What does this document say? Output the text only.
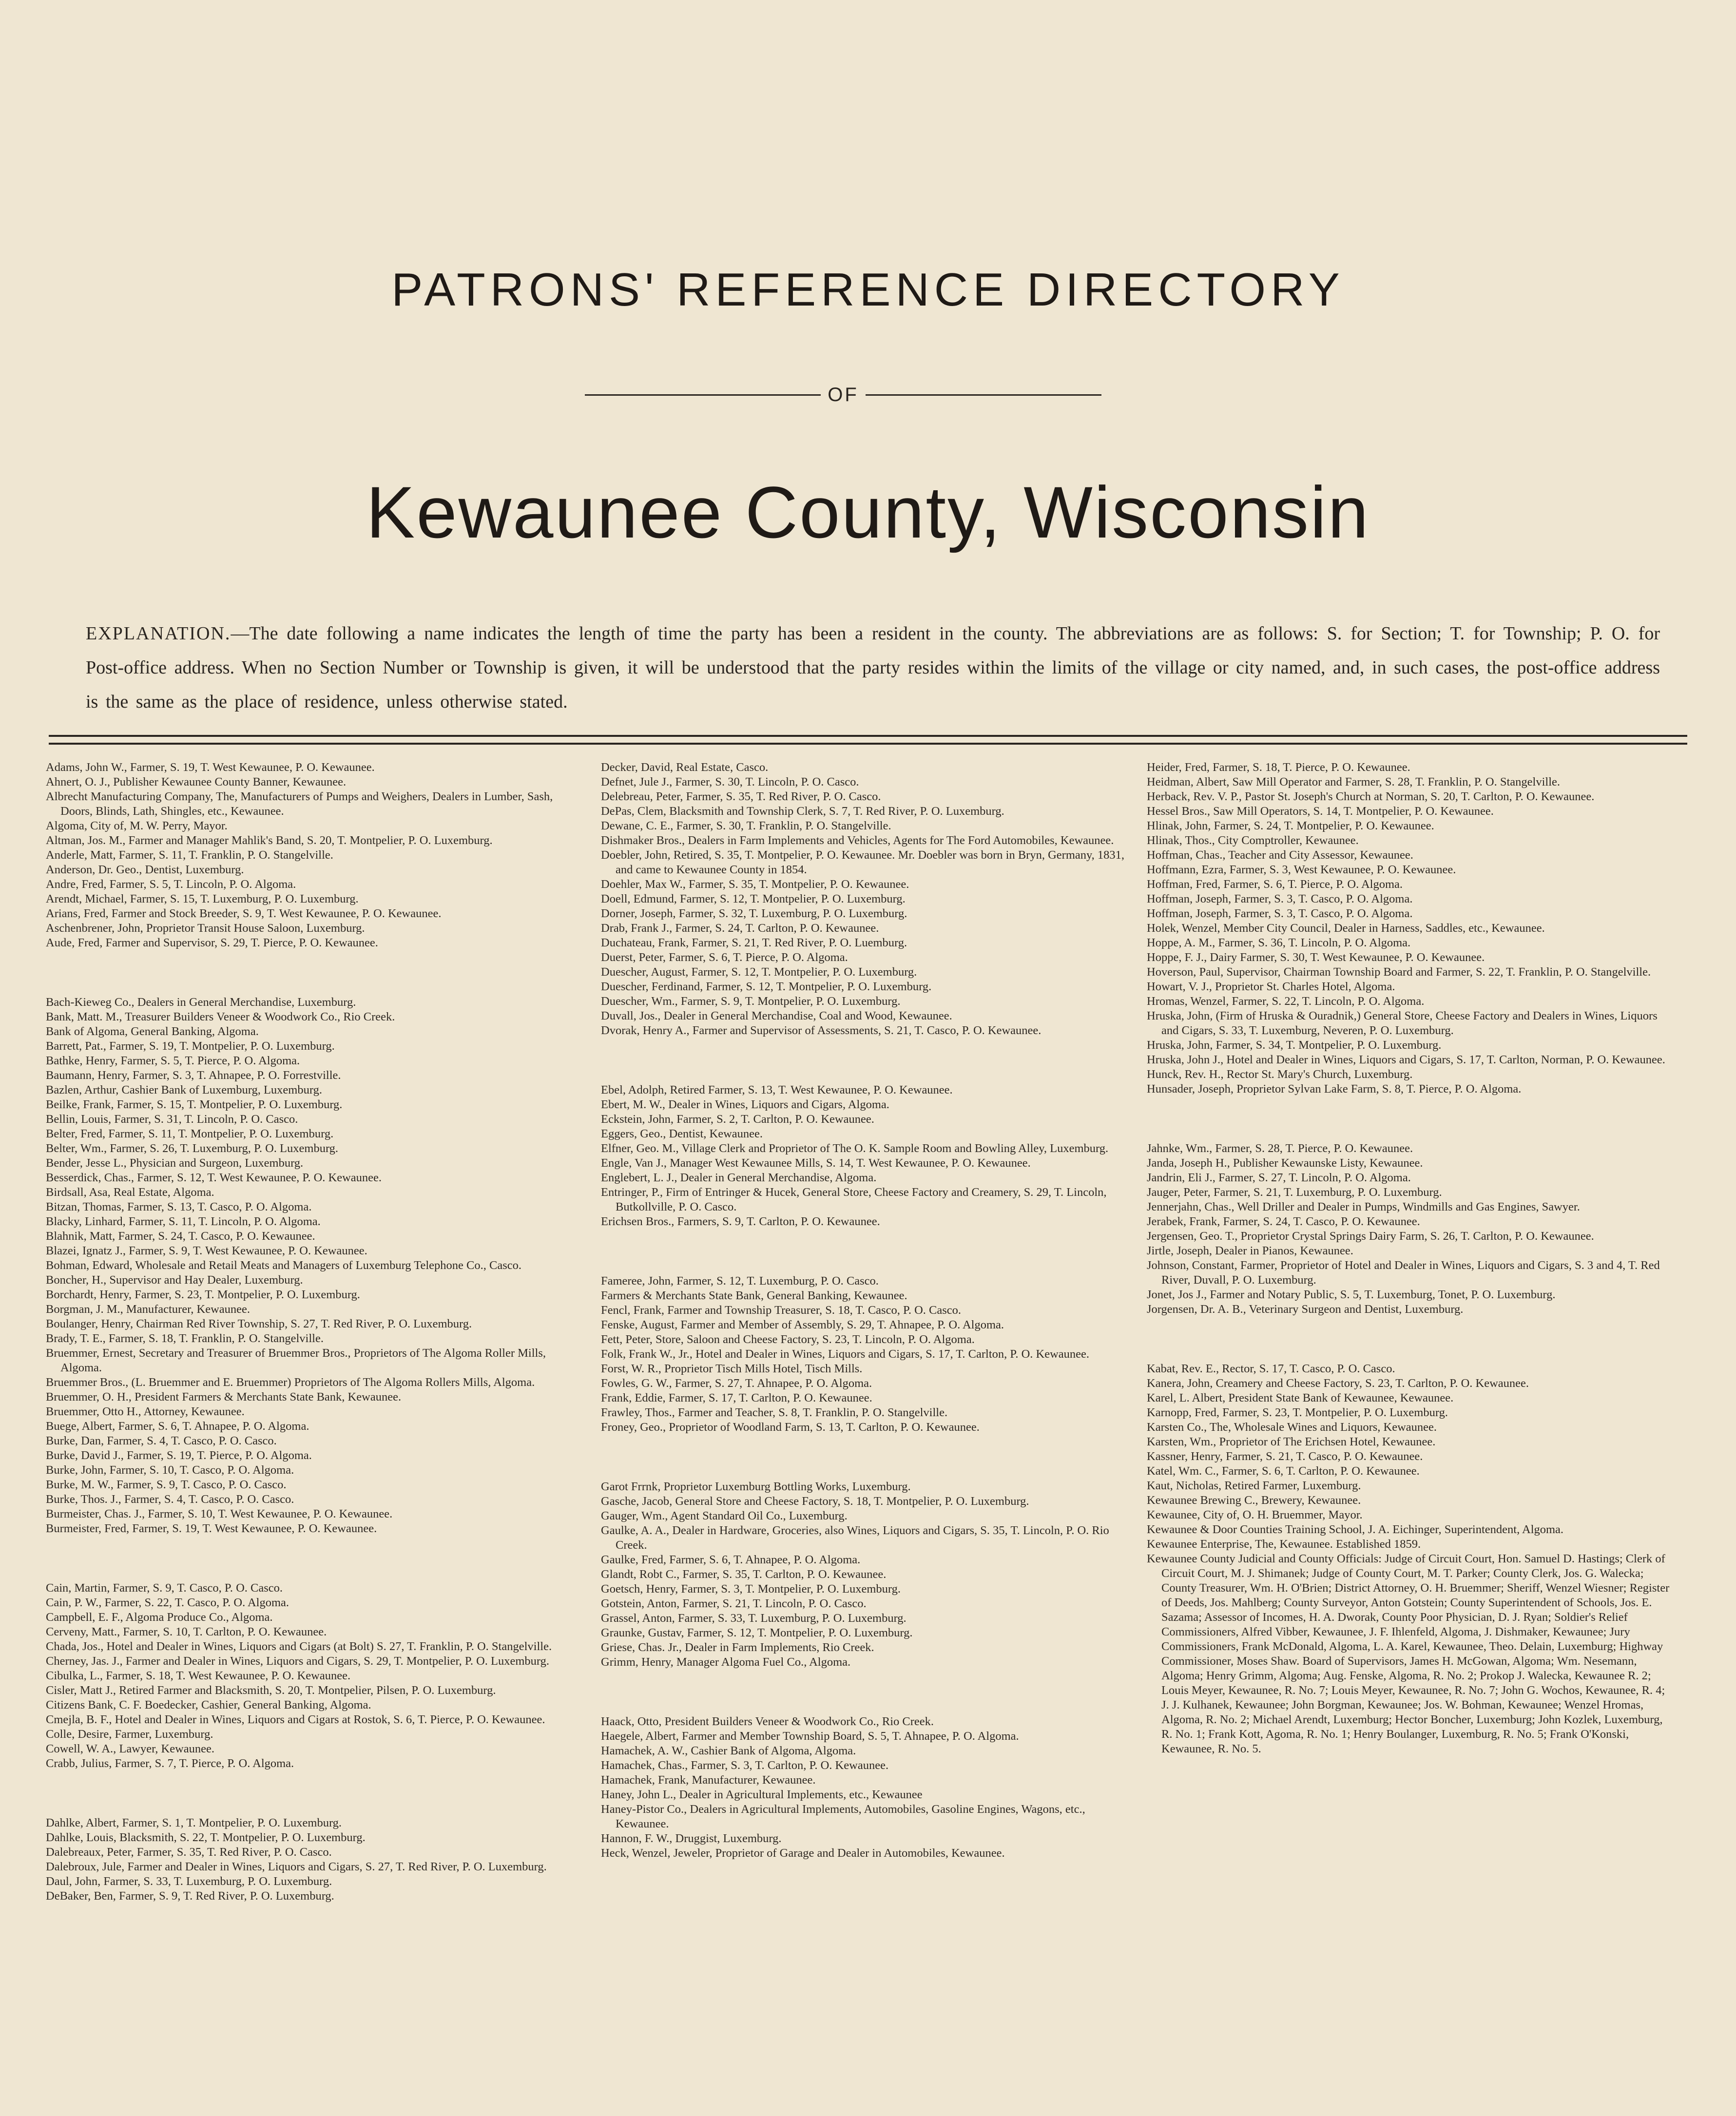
PATRONS' REFERENCE DIRECTORY
OF
Kewaunee County, Wisconsin
EXPLANATION.—The date following a name indicates the length of time the party has been a resident in the county. The abbreviations are as follows: S. for Section; T. for Township; P. O. for Post-office address. When no Section Number or Township is given, it will be understood that the party resides within the limits of the village or city named, and, in such cases, the post-office address is the same as the place of residence, unless otherwise stated.
Adams, John W., Farmer, S. 19, T. West Kewaunee, P. O. Kewaunee.
Ahnert, O. J., Publisher Kewaunee County Banner, Kewaunee.
Albrecht Manufacturing Company, The, Manufacturers of Pumps and Weighers, Dealers in Lumber, Sash, Doors, Blinds, Lath, Shingles, etc., Kewaunee.
Algoma, City of, M. W. Perry, Mayor.
Altman, Jos. M., Farmer and Manager Mahlik's Band, S. 20, T. Montpelier, P. O. Luxemburg.
Anderle, Matt, Farmer, S. 11, T. Franklin, P. O. Stangelville.
Anderson, Dr. Geo., Dentist, Luxemburg.
Andre, Fred, Farmer, S. 5, T. Lincoln, P. O. Algoma.
Arendt, Michael, Farmer, S. 15, T. Luxemburg, P. O. Luxemburg.
Arians, Fred, Farmer and Stock Breeder, S. 9, T. West Kewaunee, P. O. Kewaunee.
Aschenbrener, John, Proprietor Transit House Saloon, Luxemburg.
Aude, Fred, Farmer and Supervisor, S. 29, T. Pierce, P. O. Kewaunee.
Bach-Kieweg Co., Dealers in General Merchandise, Luxemburg.
Bank, Matt. M., Treasurer Builders Veneer & Woodwork Co., Rio Creek.
Bank of Algoma, General Banking, Algoma.
Barrett, Pat., Farmer, S. 19, T. Montpelier, P. O. Luxemburg.
Bathke, Henry, Farmer, S. 5, T. Pierce, P. O. Algoma.
Baumann, Henry, Farmer, S. 3, T. Ahnapee, P. O. Forrestville.
Bazlen, Arthur, Cashier Bank of Luxemburg, Luxemburg.
Beilke, Frank, Farmer, S. 15, T. Montpelier, P. O. Luxemburg.
Bellin, Louis, Farmer, S. 31, T. Lincoln, P. O. Casco.
Belter, Fred, Farmer, S. 11, T. Montpelier, P. O. Luxemburg.
Belter, Wm., Farmer, S. 26, T. Luxemburg, P. O. Luxemburg.
Bender, Jesse L., Physician and Surgeon, Luxemburg.
Besserdick, Chas., Farmer, S. 12, T. West Kewaunee, P. O. Kewaunee.
Birdsall, Asa, Real Estate, Algoma.
Bitzan, Thomas, Farmer, S. 13, T. Casco, P. O. Algoma.
Blacky, Linhard, Farmer, S. 11, T. Lincoln, P. O. Algoma.
Blahnik, Matt, Farmer, S. 24, T. Casco, P. O. Kewaunee.
Blazei, Ignatz J., Farmer, S. 9, T. West Kewaunee, P. O. Kewaunee.
Bohman, Edward, Wholesale and Retail Meats and Managers of Luxemburg Telephone Co., Casco.
Boncher, H., Supervisor and Hay Dealer, Luxemburg.
Borchardt, Henry, Farmer, S. 23, T. Montpelier, P. O. Luxemburg.
Borgman, J. M., Manufacturer, Kewaunee.
Boulanger, Henry, Chairman Red River Township, S. 27, T. Red River, P. O. Luxemburg.
Brady, T. E., Farmer, S. 18, T. Franklin, P. O. Stangelville.
Bruemmer, Ernest, Secretary and Treasurer of Bruemmer Bros., Proprietors of The Algoma Roller Mills, Algoma.
Bruemmer Bros., (L. Bruemmer and E. Bruemmer) Proprietors of The Algoma Rollers Mills, Algoma.
Bruemmer, O. H., President Farmers & Merchants State Bank, Kewaunee.
Bruemmer, Otto H., Attorney, Kewaunee.
Buege, Albert, Farmer, S. 6, T. Ahnapee, P. O. Algoma.
Burke, Dan, Farmer, S. 4, T. Casco, P. O. Casco.
Burke, David J., Farmer, S. 19, T. Pierce, P. O. Algoma.
Burke, John, Farmer, S. 10, T. Casco, P. O. Algoma.
Burke, M. W., Farmer, S. 9, T. Casco, P. O. Casco.
Burke, Thos. J., Farmer, S. 4, T. Casco, P. O. Casco.
Burmeister, Chas. J., Farmer, S. 10, T. West Kewaunee, P. O. Kewaunee.
Burmeister, Fred, Farmer, S. 19, T. West Kewaunee, P. O. Kewaunee.
Cain, Martin, Farmer, S. 9, T. Casco, P. O. Casco.
Cain, P. W., Farmer, S. 22, T. Casco, P. O. Algoma.
Campbell, E. F., Algoma Produce Co., Algoma.
Cerveny, Matt., Farmer, S. 10, T. Carlton, P. O. Kewaunee.
Chada, Jos., Hotel and Dealer in Wines, Liquors and Cigars (at Bolt) S. 27, T. Franklin, P. O. Stangelville.
Cherney, Jas. J., Farmer and Dealer in Wines, Liquors and Cigars, S. 29, T. Montpelier, P. O. Luxemburg.
Cibulka, L., Farmer, S. 18, T. West Kewaunee, P. O. Kewaunee.
Cisler, Matt J., Retired Farmer and Blacksmith, S. 20, T. Montpelier, Pilsen, P. O. Luxemburg.
Citizens Bank, C. F. Boedecker, Cashier, General Banking, Algoma.
Cmejla, B. F., Hotel and Dealer in Wines, Liquors and Cigars at Rostok, S. 6, T. Pierce, P. O. Kewaunee.
Colle, Desire, Farmer, Luxemburg.
Cowell, W. A., Lawyer, Kewaunee.
Crabb, Julius, Farmer, S. 7, T. Pierce, P. O. Algoma.
Dahlke, Albert, Farmer, S. 1, T. Montpelier, P. O. Luxemburg.
Dahlke, Louis, Blacksmith, S. 22, T. Montpelier, P. O. Luxemburg.
Dalebreaux, Peter, Farmer, S. 35, T. Red River, P. O. Casco.
Dalebroux, Jule, Farmer and Dealer in Wines, Liquors and Cigars, S. 27, T. Red River, P. O. Luxemburg.
Daul, John, Farmer, S. 33, T. Luxemburg, P. O. Luxemburg.
DeBaker, Ben, Farmer, S. 9, T. Red River, P. O. Luxemburg.
Decker, David, Real Estate, Casco.
Defnet, Jule J., Farmer, S. 30, T. Lincoln, P. O. Casco.
Delebreau, Peter, Farmer, S. 35, T. Red River, P. O. Casco.
DePas, Clem, Blacksmith and Township Clerk, S. 7, T. Red River, P. O. Luxemburg.
Dewane, C. E., Farmer, S. 30, T. Franklin, P. O. Stangelville.
Dishmaker Bros., Dealers in Farm Implements and Vehicles, Agents for The Ford Automobiles, Kewaunee.
Doebler, John, Retired, S. 35, T. Montpelier, P. O. Kewaunee. Mr. Doebler was born in Bryn, Germany, 1831, and came to Kewaunee County in 1854.
Doehler, Max W., Farmer, S. 35, T. Montpelier, P. O. Kewaunee.
Doell, Edmund, Farmer, S. 12, T. Montpelier, P. O. Luxemburg.
Dorner, Joseph, Farmer, S. 32, T. Luxemburg, P. O. Luxemburg.
Drab, Frank J., Farmer, S. 24, T. Carlton, P. O. Kewaunee.
Duchateau, Frank, Farmer, S. 21, T. Red River, P. O. Luemburg.
Duerst, Peter, Farmer, S. 6, T. Pierce, P. O. Algoma.
Duescher, August, Farmer, S. 12, T. Montpelier, P. O. Luxemburg.
Duescher, Ferdinand, Farmer, S. 12, T. Montpelier, P. O. Luxemburg.
Duescher, Wm., Farmer, S. 9, T. Montpelier, P. O. Luxemburg.
Duvall, Jos., Dealer in General Merchandise, Coal and Wood, Kewaunee.
Dvorak, Henry A., Farmer and Supervisor of Assessments, S. 21, T. Casco, P. O. Kewaunee.
Ebel, Adolph, Retired Farmer, S. 13, T. West Kewaunee, P. O. Kewaunee.
Ebert, M. W., Dealer in Wines, Liquors and Cigars, Algoma.
Eckstein, John, Farmer, S. 2, T. Carlton, P. O. Kewaunee.
Eggers, Geo., Dentist, Kewaunee.
Elfner, Geo. M., Village Clerk and Proprietor of The O. K. Sample Room and Bowling Alley, Luxemburg.
Engle, Van J., Manager West Kewaunee Mills, S. 14, T. West Kewaunee, P. O. Kewaunee.
Englebert, L. J., Dealer in General Merchandise, Algoma.
Entringer, P., Firm of Entringer & Hucek, General Store, Cheese Factory and Creamery, S. 29, T. Lincoln, Butkollville, P. O. Casco.
Erichsen Bros., Farmers, S. 9, T. Carlton, P. O. Kewaunee.
Fameree, John, Farmer, S. 12, T. Luxemburg, P. O. Casco.
Farmers & Merchants State Bank, General Banking, Kewaunee.
Fencl, Frank, Farmer and Township Treasurer, S. 18, T. Casco, P. O. Casco.
Fenske, August, Farmer and Member of Assembly, S. 29, T. Ahnapee, P. O. Algoma.
Fett, Peter, Store, Saloon and Cheese Factory, S. 23, T. Lincoln, P. O. Algoma.
Folk, Frank W., Jr., Hotel and Dealer in Wines, Liquors and Cigars, S. 17, T. Carlton, P. O. Kewaunee.
Forst, W. R., Proprietor Tisch Mills Hotel, Tisch Mills.
Fowles, G. W., Farmer, S. 27, T. Ahnapee, P. O. Algoma.
Frank, Eddie, Farmer, S. 17, T. Carlton, P. O. Kewaunee.
Frawley, Thos., Farmer and Teacher, S. 8, T. Franklin, P. O. Stangelville.
Froney, Geo., Proprietor of Woodland Farm, S. 13, T. Carlton, P. O. Kewaunee.
Garot Frrnk, Proprietor Luxemburg Bottling Works, Luxemburg.
Gasche, Jacob, General Store and Cheese Factory, S. 18, T. Montpelier, P. O. Luxemburg.
Gauger, Wm., Agent Standard Oil Co., Luxemburg.
Gaulke, A. A., Dealer in Hardware, Groceries, also Wines, Liquors and Cigars, S. 35, T. Lincoln, P. O. Rio Creek.
Gaulke, Fred, Farmer, S. 6, T. Ahnapee, P. O. Algoma.
Glandt, Robt C., Farmer, S. 35, T. Carlton, P. O. Kewaunee.
Goetsch, Henry, Farmer, S. 3, T. Montpelier, P. O. Luxemburg.
Gotstein, Anton, Farmer, S. 21, T. Lincoln, P. O. Casco.
Grassel, Anton, Farmer, S. 33, T. Luxemburg, P. O. Luxemburg.
Graunke, Gustav, Farmer, S. 12, T. Montpelier, P. O. Luxemburg.
Griese, Chas. Jr., Dealer in Farm Implements, Rio Creek.
Grimm, Henry, Manager Algoma Fuel Co., Algoma.
Haack, Otto, President Builders Veneer & Woodwork Co., Rio Creek.
Haegele, Albert, Farmer and Member Township Board, S. 5, T. Ahnapee, P. O. Algoma.
Hamachek, A. W., Cashier Bank of Algoma, Algoma.
Hamachek, Chas., Farmer, S. 3, T. Carlton, P. O. Kewaunee.
Hamachek, Frank, Manufacturer, Kewaunee.
Haney, John L., Dealer in Agricultural Implements, etc., Kewaunee
Haney-Pistor Co., Dealers in Agricultural Implements, Automobiles, Gasoline Engines, Wagons, etc., Kewaunee.
Hannon, F. W., Druggist, Luxemburg.
Heck, Wenzel, Jeweler, Proprietor of Garage and Dealer in Automobiles, Kewaunee.
Heider, Fred, Farmer, S. 18, T. Pierce, P. O. Kewaunee.
Heidman, Albert, Saw Mill Operator and Farmer, S. 28, T. Franklin, P. O. Stangelville.
Herback, Rev. V. P., Pastor St. Joseph's Church at Norman, S. 20, T. Carlton, P. O. Kewaunee.
Hessel Bros., Saw Mill Operators, S. 14, T. Montpelier, P. O. Kewaunee.
Hlinak, John, Farmer, S. 24, T. Montpelier, P. O. Kewaunee.
Hlinak, Thos., City Comptroller, Kewaunee.
Hoffman, Chas., Teacher and City Assessor, Kewaunee.
Hoffmann, Ezra, Farmer, S. 3, West Kewaunee, P. O. Kewaunee.
Hoffman, Fred, Farmer, S. 6, T. Pierce, P. O. Algoma.
Hoffman, Joseph, Farmer, S. 3, T. Casco, P. O. Algoma.
Hoffman, Joseph, Farmer, S. 3, T. Casco, P. O. Algoma.
Holek, Wenzel, Member City Council, Dealer in Harness, Saddles, etc., Kewaunee.
Hoppe, A. M., Farmer, S. 36, T. Lincoln, P. O. Algoma.
Hoppe, F. J., Dairy Farmer, S. 30, T. West Kewaunee, P. O. Kewaunee.
Hoverson, Paul, Supervisor, Chairman Township Board and Farmer, S. 22, T. Franklin, P. O. Stangelville.
Howart, V. J., Proprietor St. Charles Hotel, Algoma.
Hromas, Wenzel, Farmer, S. 22, T. Lincoln, P. O. Algoma.
Hruska, John, (Firm of Hruska & Ouradnik,) General Store, Cheese Factory and Dealers in Wines, Liquors and Cigars, S. 33, T. Luxemburg, Neveren, P. O. Luxemburg.
Hruska, John, Farmer, S. 34, T. Montpelier, P. O. Luxemburg.
Hruska, John J., Hotel and Dealer in Wines, Liquors and Cigars, S. 17, T. Carlton, Norman, P. O. Kewaunee.
Hunck, Rev. H., Rector St. Mary's Church, Luxemburg.
Hunsader, Joseph, Proprietor Sylvan Lake Farm, S. 8, T. Pierce, P. O. Algoma.
Jahnke, Wm., Farmer, S. 28, T. Pierce, P. O. Kewaunee.
Janda, Joseph H., Publisher Kewaunske Listy, Kewaunee.
Jandrin, Eli J., Farmer, S. 27, T. Lincoln, P. O. Algoma.
Jauger, Peter, Farmer, S. 21, T. Luxemburg, P. O. Luxemburg.
Jennerjahn, Chas., Well Driller and Dealer in Pumps, Windmills and Gas Engines, Sawyer.
Jerabek, Frank, Farmer, S. 24, T. Casco, P. O. Kewaunee.
Jergensen, Geo. T., Proprietor Crystal Springs Dairy Farm, S. 26, T. Carlton, P. O. Kewaunee.
Jirtle, Joseph, Dealer in Pianos, Kewaunee.
Johnson, Constant, Farmer, Proprietor of Hotel and Dealer in Wines, Liquors and Cigars, S. 3 and 4, T. Red River, Duvall, P. O. Luxemburg.
Jonet, Jos J., Farmer and Notary Public, S. 5, T. Luxemburg, Tonet, P. O. Luxemburg.
Jorgensen, Dr. A. B., Veterinary Surgeon and Dentist, Luxemburg.
Kabat, Rev. E., Rector, S. 17, T. Casco, P. O. Casco.
Kanera, John, Creamery and Cheese Factory, S. 23, T. Carlton, P. O. Kewaunee.
Karel, L. Albert, President State Bank of Kewaunee, Kewaunee.
Karnopp, Fred, Farmer, S. 23, T. Montpelier, P. O. Luxemburg.
Karsten Co., The, Wholesale Wines and Liquors, Kewaunee.
Karsten, Wm., Proprietor of The Erichsen Hotel, Kewaunee.
Kassner, Henry, Farmer, S. 21, T. Casco, P. O. Kewaunee.
Katel, Wm. C., Farmer, S. 6, T. Carlton, P. O. Kewaunee.
Kaut, Nicholas, Retired Farmer, Luxemburg.
Kewaunee Brewing C., Brewery, Kewaunee.
Kewaunee, City of, O. H. Bruemmer, Mayor.
Kewaunee & Door Counties Training School, J. A. Eichinger, Superintendent, Algoma.
Kewaunee Enterprise, The, Kewaunee. Established 1859.
Kewaunee County Judicial and County Officials: Judge of Circuit Court, Hon. Samuel D. Hastings; Clerk of Circuit Court, M. J. Shimanek; Judge of County Court, M. T. Parker; County Clerk, Jos. G. Walecka; County Treasurer, Wm. H. O'Brien; District Attorney, O. H. Bruemmer; Sheriff, Wenzel Wiesner; Register of Deeds, Jos. Mahlberg; County Surveyor, Anton Gotstein; County Superintendent of Schools, Jos. E. Sazama; Assessor of Incomes, H. A. Dworak, County Poor Physician, D. J. Ryan; Soldier's Relief Commissioners, Alfred Vibber, Kewaunee, J. F. Ihlenfeld, Algoma, J. Dishmaker, Kewaunee; Jury Commissioners, Frank McDonald, Algoma, L. A. Karel, Kewaunee, Theo. Delain, Luxemburg; Highway Commissioner, Moses Shaw. Board of Supervisors, James H. McGowan, Algoma; Wm. Nesemann, Algoma; Henry Grimm, Algoma; Aug. Fenske, Algoma, R. No. 2; Prokop J. Walecka, Kewaunee R. 2; Louis Meyer, Kewaunee, R. No. 7; Louis Meyer, Kewaunee, R. No. 7; John G. Wochos, Kewaunee, R. 4; J. J. Kulhanek, Kewaunee; John Borgman, Kewaunee; Jos. W. Bohman, Kewaunee; Wenzel Hromas, Algoma, R. No. 2; Michael Arendt, Luxemburg; Hector Boncher, Luxemburg; John Kozlek, Luxemburg, R. No. 1; Frank Kott, Agoma, R. No. 1; Henry Boulanger, Luxemburg, R. No. 5; Frank O'Konski, Kewaunee, R. No. 5.
